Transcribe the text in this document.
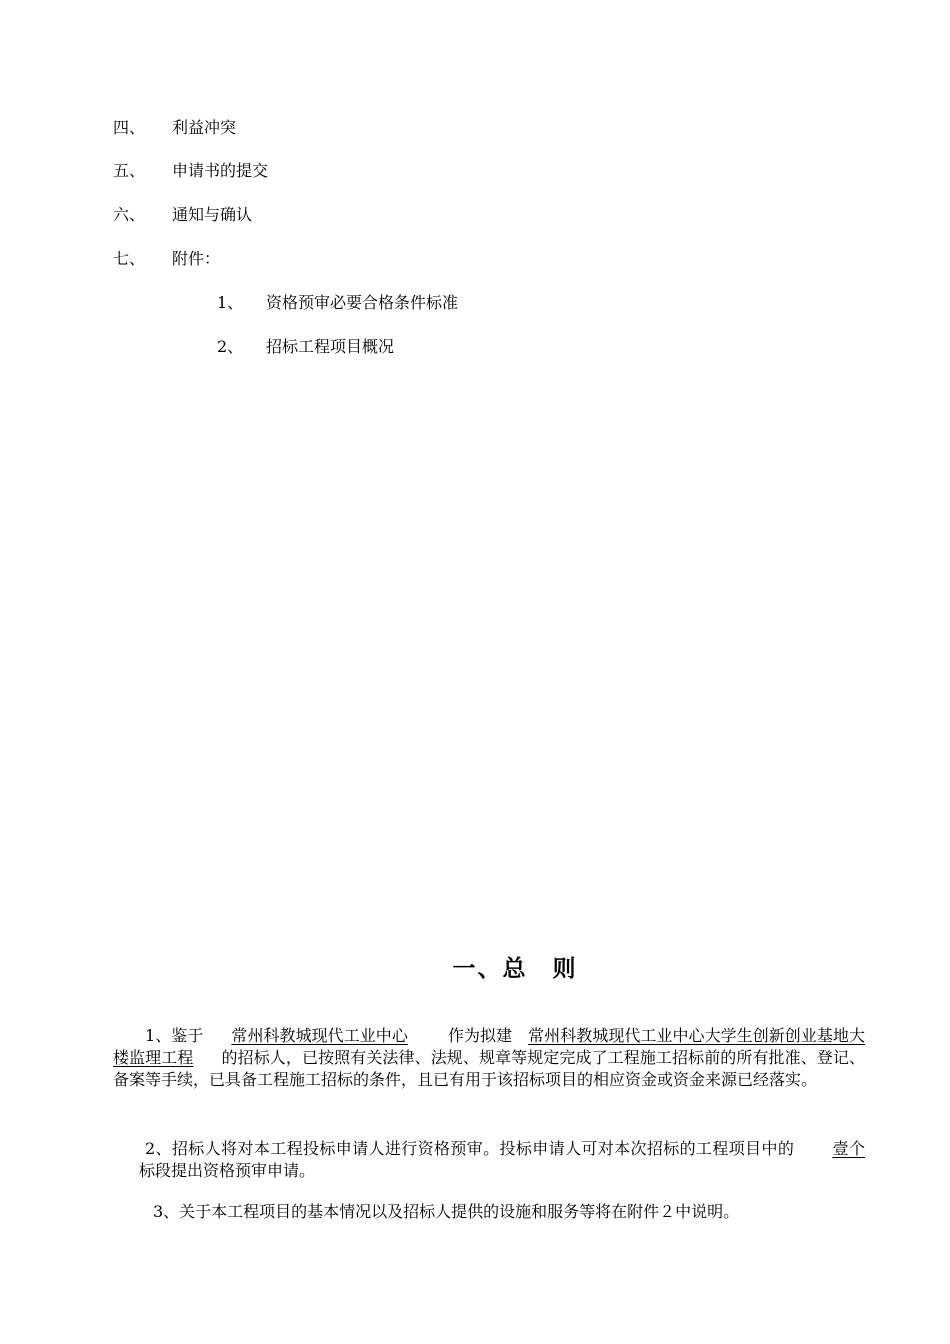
四、 利益冲突
五、 申请书的提交
六、 通知与确认
七、 附件：
1、 资格预审必要合格条件标准
2、 招标工程项目概况
一、总　则
1、鉴于 常州科教城现代工业中心	作为拟建 常州科教城现代工业中心大学生创新创业基地大楼监理工程 的招标人，已按照有关法律、法规、规章等规定完成了工程施工招标前的所有批准、登记、备案等手续，已具备工程施工招标的条件，且已有用于该招标项目的相应资金或资金来源已经落实。
2、招标人将对本工程投标申请人进行资格预审。投标申请人可对本次招标的工程项目中的 壹个标段提出资格预审申请。
3、关于本工程项目的基本情况以及招标人提供的设施和服务等将在附件２中说明。
